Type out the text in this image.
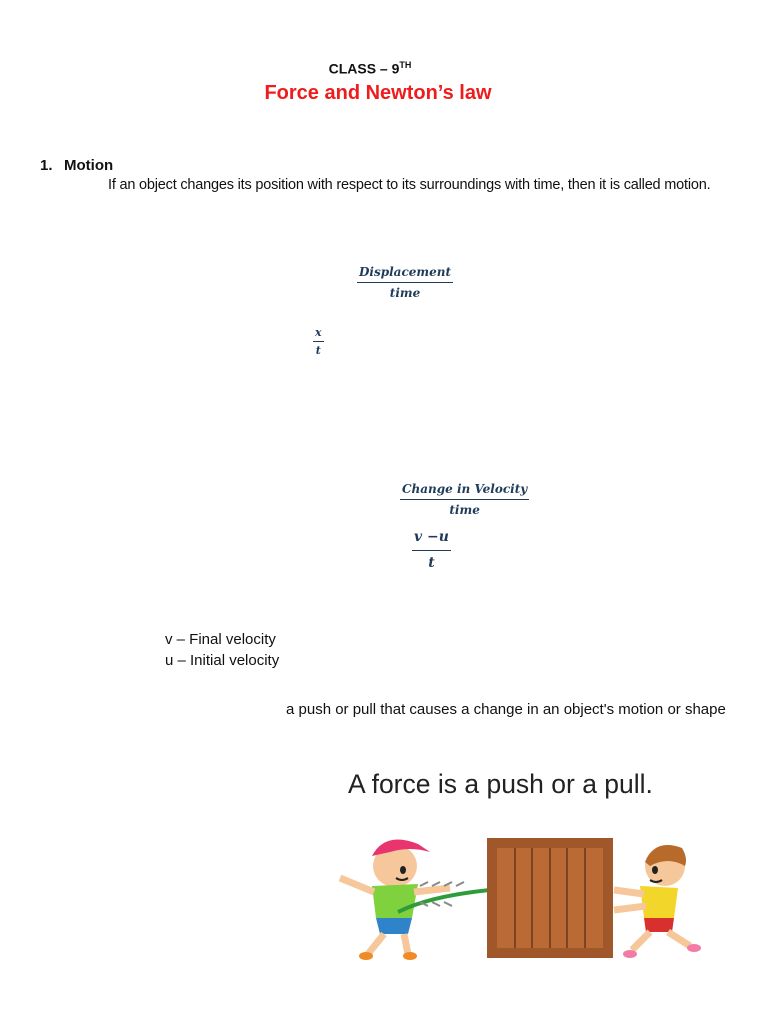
CLASS – 9TH
Force and Newton’s law
1. Motion
If an object changes its position with respect to its surroundings with time, then it is called motion.
Displacement
time
$\frac{x}{t}$
Change in Velocity
time
$\frac{v -u}{t}$
v – Final velocity
u – Initial velocity
a push or pull that causes a change in an object's motion or shape
A force is a push or a pull.
